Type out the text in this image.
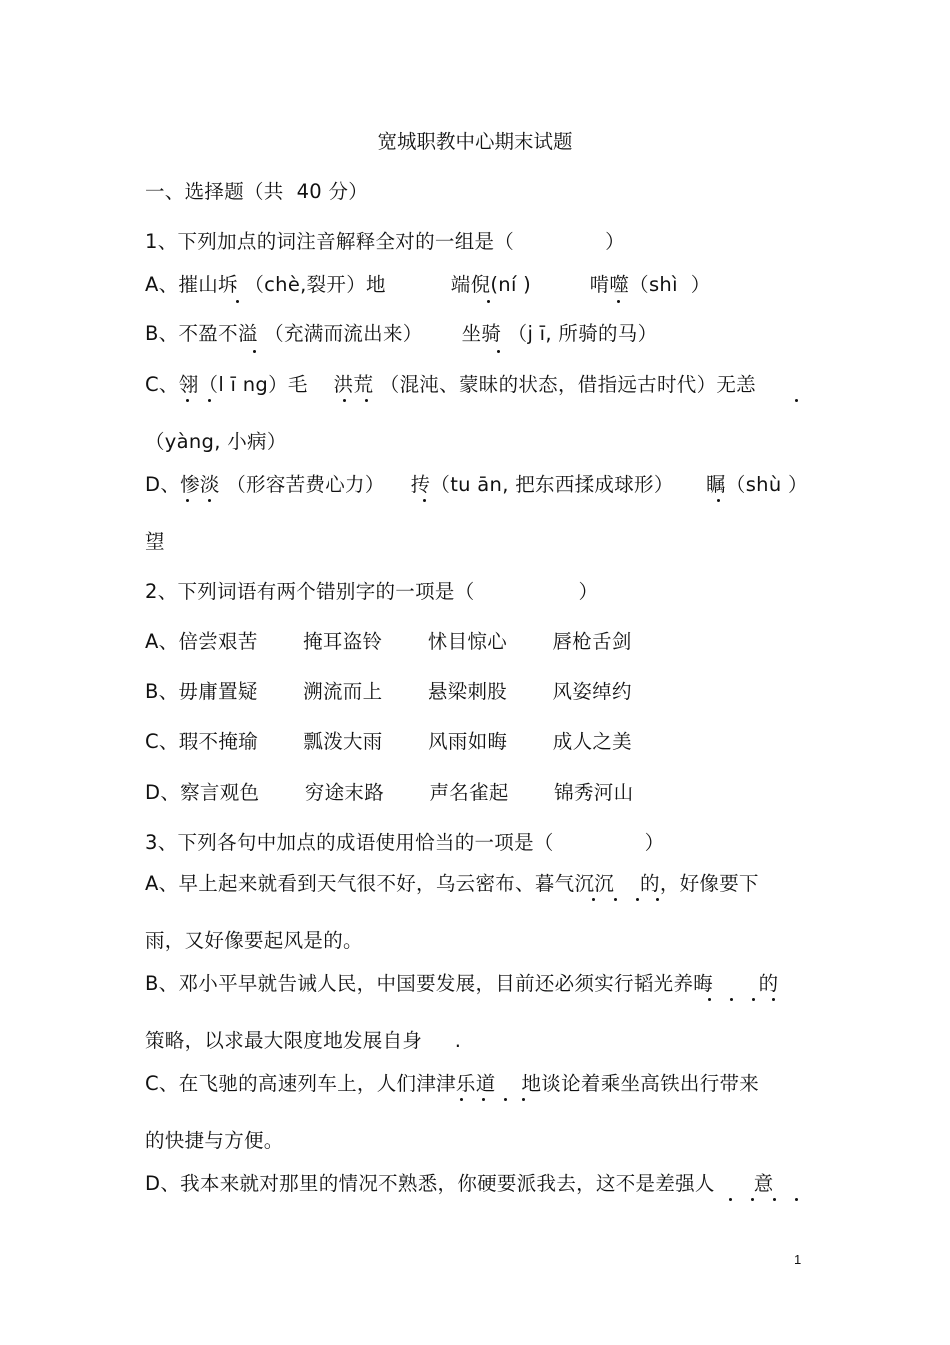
宽城职教中心期末试题
一、选择题（共  40 分）
1、下列加点的词注音解释全对的一组是（              ）
A、摧山坼 （chè,裂开）地          端倪(ní )         啃噬（shì  ）
B、不盈不溢 （充满而流出来）      坐骑 （j ī, 所骑的马）
C、翎（l ī ng）毛    洪荒 （混沌、蒙昧的状态，借指远古时代）无恙
（yàng, 小病）
D、惨淡 （形容苦费心力）    抟（tu ān, 把东西揉成球形）     瞩（shù ）
望
2、下列词语有两个错别字的一项是（                ）
A、倍尝艰苦       掩耳盗铃       怵目惊心       唇枪舌剑
B、毋庸置疑       溯流而上       悬梁刺股       风姿绰约
C、瑕不掩瑜       瓢泼大雨       风雨如晦       成人之美
D、察言观色       穷途末路       声名雀起       锦秀河山
3、下列各句中加点的成语使用恰当的一项是（              ）
A、早上起来就看到天气很不好，乌云密布、暮气沉沉    的，好像要下
雨，又好像要起风是的。
B、邓小平早就告诫人民，中国要发展，目前还必须实行韬光养晦       的
策略，以求最大限度地发展自身     .
C、在飞驰的高速列车上，人们津津乐道    地谈论着乘坐高铁出行带来
的快捷与方便。
D、我本来就对那里的情况不熟悉，你硬要派我去，这不是差强人      意
1
